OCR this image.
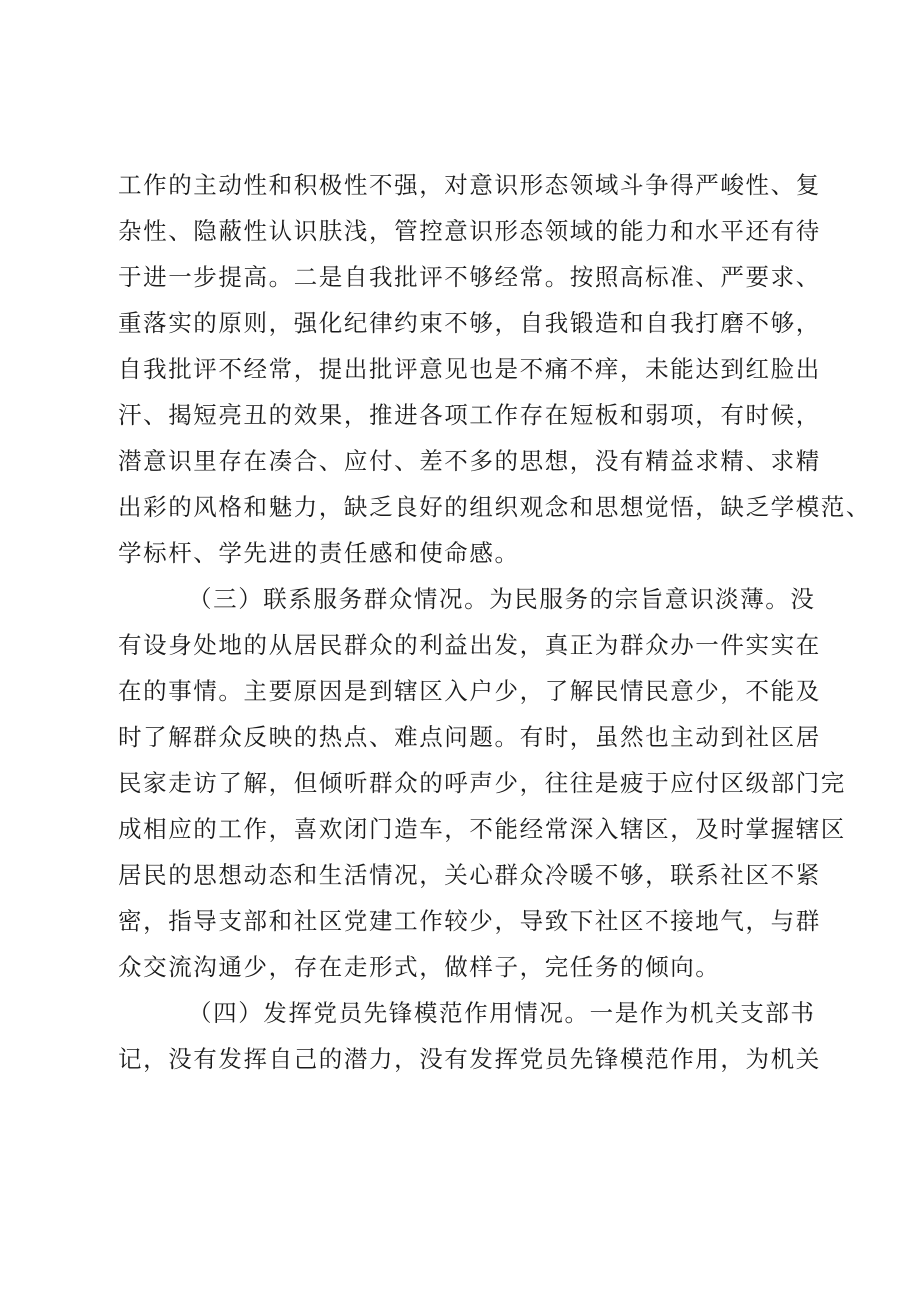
工作的主动性和积极性不强，对意识形态领域斗争得严峻性、复
杂性、隐蔽性认识肤浅，管控意识形态领域的能力和水平还有待
于进一步提高。二是自我批评不够经常。按照高标准、严要求、
重落实的原则，强化纪律约束不够，自我锻造和自我打磨不够，
自我批评不经常，提出批评意见也是不痛不痒，未能达到红脸出
汗、揭短亮丑的效果，推进各项工作存在短板和弱项，有时候，
潜意识里存在凑合、应付、差不多的思想，没有精益求精、求精
出彩的风格和魅力，缺乏良好的组织观念和思想觉悟，缺乏学模范、
学标杆、学先进的责任感和使命感。
（三）联系服务群众情况。为民服务的宗旨意识淡薄。没
有设身处地的从居民群众的利益出发，真正为群众办一件实实在
在的事情。主要原因是到辖区入户少，了解民情民意少，不能及
时了解群众反映的热点、难点问题。有时，虽然也主动到社区居
民家走访了解，但倾听群众的呼声少，往往是疲于应付区级部门完
成相应的工作，喜欢闭门造车，不能经常深入辖区，及时掌握辖区
居民的思想动态和生活情况，关心群众冷暖不够，联系社区不紧
密，指导支部和社区党建工作较少，导致下社区不接地气，与群
众交流沟通少，存在走形式，做样子，完任务的倾向。
（四）发挥党员先锋模范作用情况。一是作为机关支部书
记，没有发挥自己的潜力，没有发挥党员先锋模范作用，为机关
